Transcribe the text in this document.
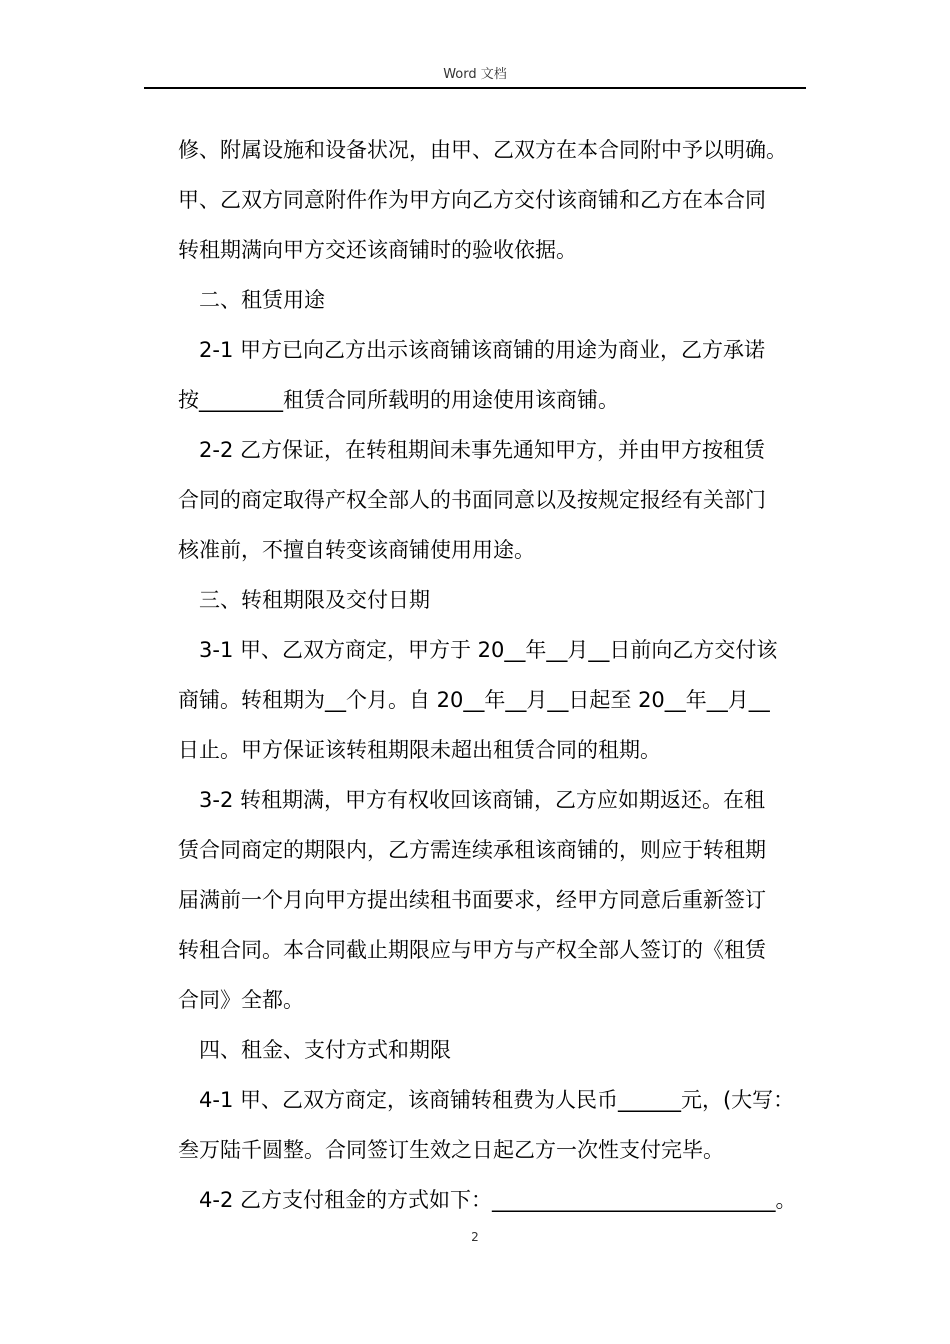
Word 文档
修、附属设施和设备状况，由甲、乙双方在本合同附中予以明确。
甲、乙双方同意附件作为甲方向乙方交付该商铺和乙方在本合同
转租期满向甲方交还该商铺时的验收依据。
二、租赁用途
2-1 甲方已向乙方出示该商铺该商铺的用途为商业，乙方承诺
按________租赁合同所载明的用途使用该商铺。
2-2 乙方保证，在转租期间未事先通知甲方，并由甲方按租赁
合同的商定取得产权全部人的书面同意以及按规定报经有关部门
核准前，不擅自转变该商铺使用用途。
三、转租期限及交付日期
3-1 甲、乙双方商定，甲方于 20__年__月__日前向乙方交付该
商铺。转租期为__个月。自 20__年__月__日起至 20__年__月__
日止。甲方保证该转租期限未超出租赁合同的租期。
3-2 转租期满，甲方有权收回该商铺，乙方应如期返还。在租
赁合同商定的期限内，乙方需连续承租该商铺的，则应于转租期
届满前一个月向甲方提出续租书面要求，经甲方同意后重新签订
转租合同。本合同截止期限应与甲方与产权全部人签订的《租赁
合同》全都。
四、租金、支付方式和期限
4-1 甲、乙双方商定，该商铺转租费为人民币______元，(大写：
叁万陆千圆整。合同签订生效之日起乙方一次性支付完毕。
4-2 乙方支付租金的方式如下：___________________________。
2
